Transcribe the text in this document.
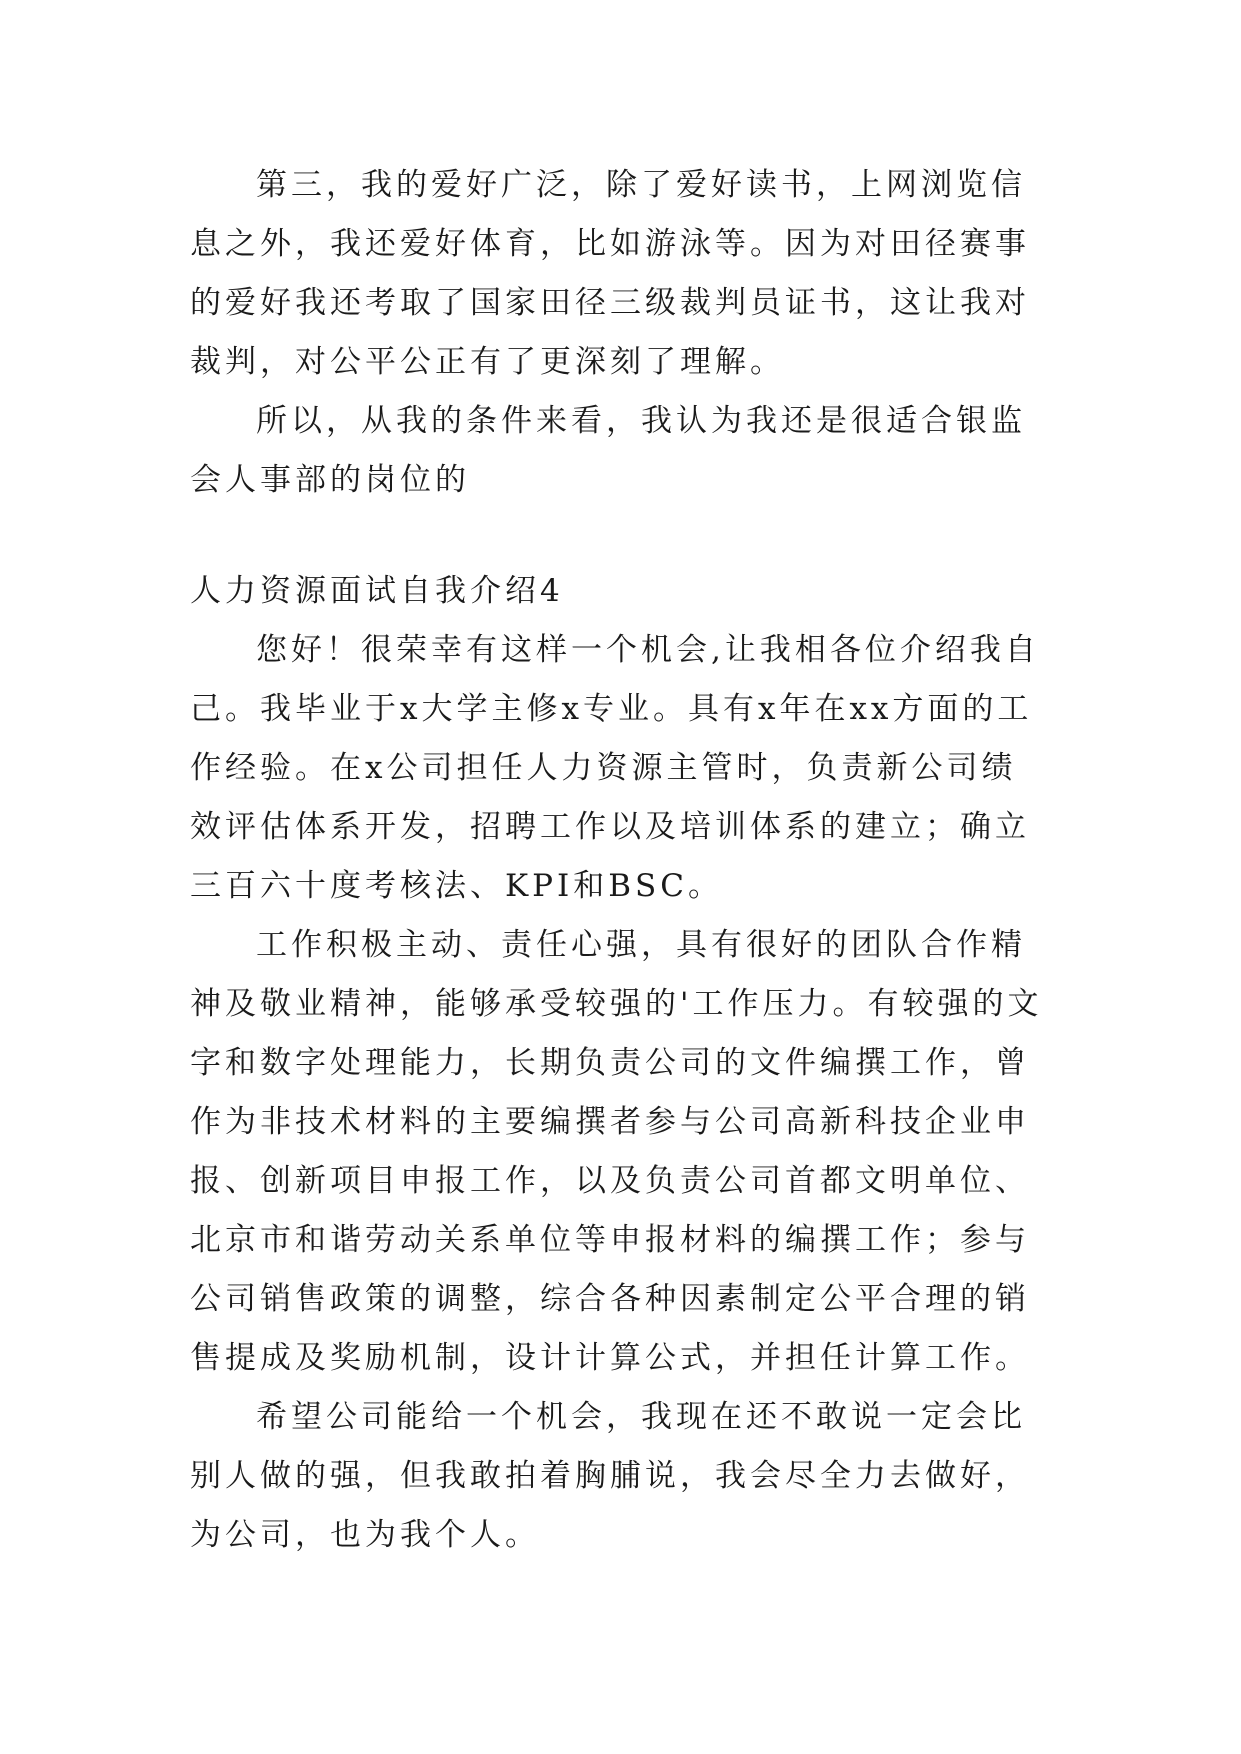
第三，我的爱好广泛，除了爱好读书，上网浏览信息之外，我还爱好体育，比如游泳等。因为对田径赛事的爱好我还考取了国家田径三级裁判员证书，这让我对裁判，对公平公正有了更深刻了理解。

所以，从我的条件来看，我认为我还是很适合银监会人事部的岗位的

人力资源面试自我介绍4

您好！很荣幸有这样一个机会,让我相各位介绍我自己。我毕业于x大学主修x专业。具有x年在xx方面的工作经验。在x公司担任人力资源主管时，负责新公司绩效评估体系开发，招聘工作以及培训体系的建立；确立三百六十度考核法、KPI和BSC。

工作积极主动、责任心强，具有很好的团队合作精神及敬业精神，能够承受较强的'工作压力。有较强的文字和数字处理能力，长期负责公司的文件编撰工作，曾作为非技术材料的主要编撰者参与公司高新科技企业申报、创新项目申报工作，以及负责公司首都文明单位、北京市和谐劳动关系单位等申报材料的编撰工作；参与公司销售政策的调整，综合各种因素制定公平合理的销售提成及奖励机制，设计计算公式，并担任计算工作。

希望公司能给一个机会，我现在还不敢说一定会比别人做的强，但我敢拍着胸脯说，我会尽全力去做好，为公司，也为我个人。
